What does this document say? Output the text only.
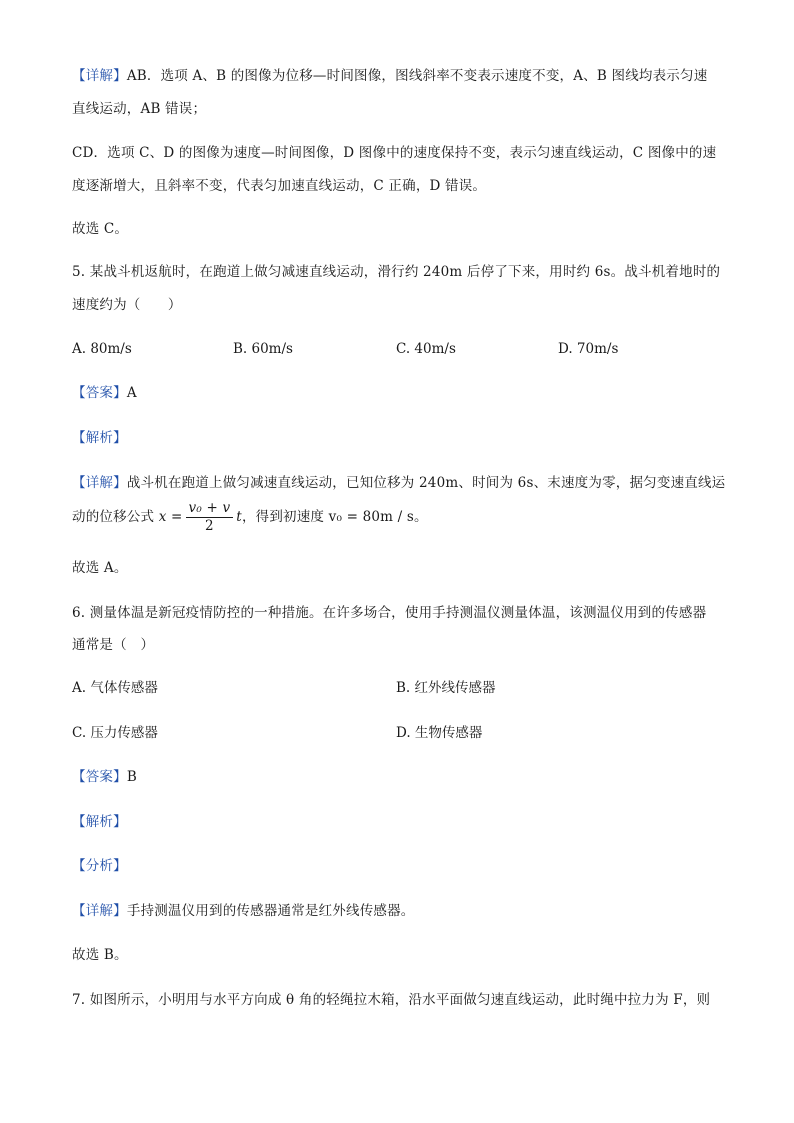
【详解】AB．选项 A、B 的图像为位移—时间图像，图线斜率不变表示速度不变，A、B 图线均表示匀速
直线运动，AB 错误；
CD．选项 C、D 的图像为速度—时间图像，D 图像中的速度保持不变，表示匀速直线运动，C 图像中的速
度逐渐增大，且斜率不变，代表匀加速直线运动，C 正确，D 错误。
故选 C。
5. 某战斗机返航时，在跑道上做匀减速直线运动，滑行约 240m 后停了下来，用时约 6s。战斗机着地时的
速度约为（　　）
A. 80m/s	B. 60m/s	C. 40m/s	D. 70m/s
【答案】A
【解析】
【详解】战斗机在跑道上做匀减速直线运动，已知位移为 240m、时间为 6s、末速度为零，据匀变速直线运
动的位移公式 $x = \frac{\text{v₀ + v}}{2}$ t，得到初速度 v₀ = 80m / s。
故选 A。
6. 测量体温是新冠疫情防控的一种措施。在许多场合，使用手持测温仪测量体温，该测温仪用到的传感器
通常是（　）
A. 气体传感器	B. 红外线传感器
C. 压力传感器	D. 生物传感器
【答案】B
【解析】
【分析】
【详解】手持测温仪用到的传感器通常是红外线传感器。
故选 B。
7. 如图所示，小明用与水平方向成 θ 角的轻绳拉木箱，沿水平面做匀速直线运动，此时绳中拉力为 F，则
